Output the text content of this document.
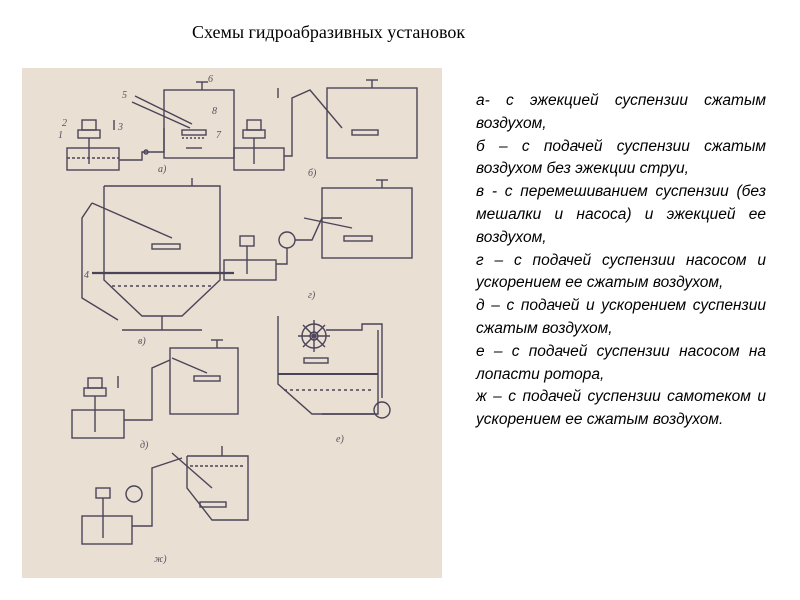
Схемы гидроабразивных установок
а)	б)
в)
г)
д)
е)
ж)
1
2	3
4
5
6
7
8

а- с эжекцией суспензии сжатым воздухом,

б – с подачей суспензии сжатым воздухом без эжекции струи,

в - с перемешиванием суспензии (без мешалки и насоса) и эжекцией ее воздухом,

г – с подачей суспензии насосом и ускорением ее сжатым воздухом,

д – с подачей и ускорением суспензии сжатым воздухом,

е – с подачей суспензии насосом на лопасти ротора,

ж – с подачей суспензии самотеком и ускорением ее сжатым воздухом.
